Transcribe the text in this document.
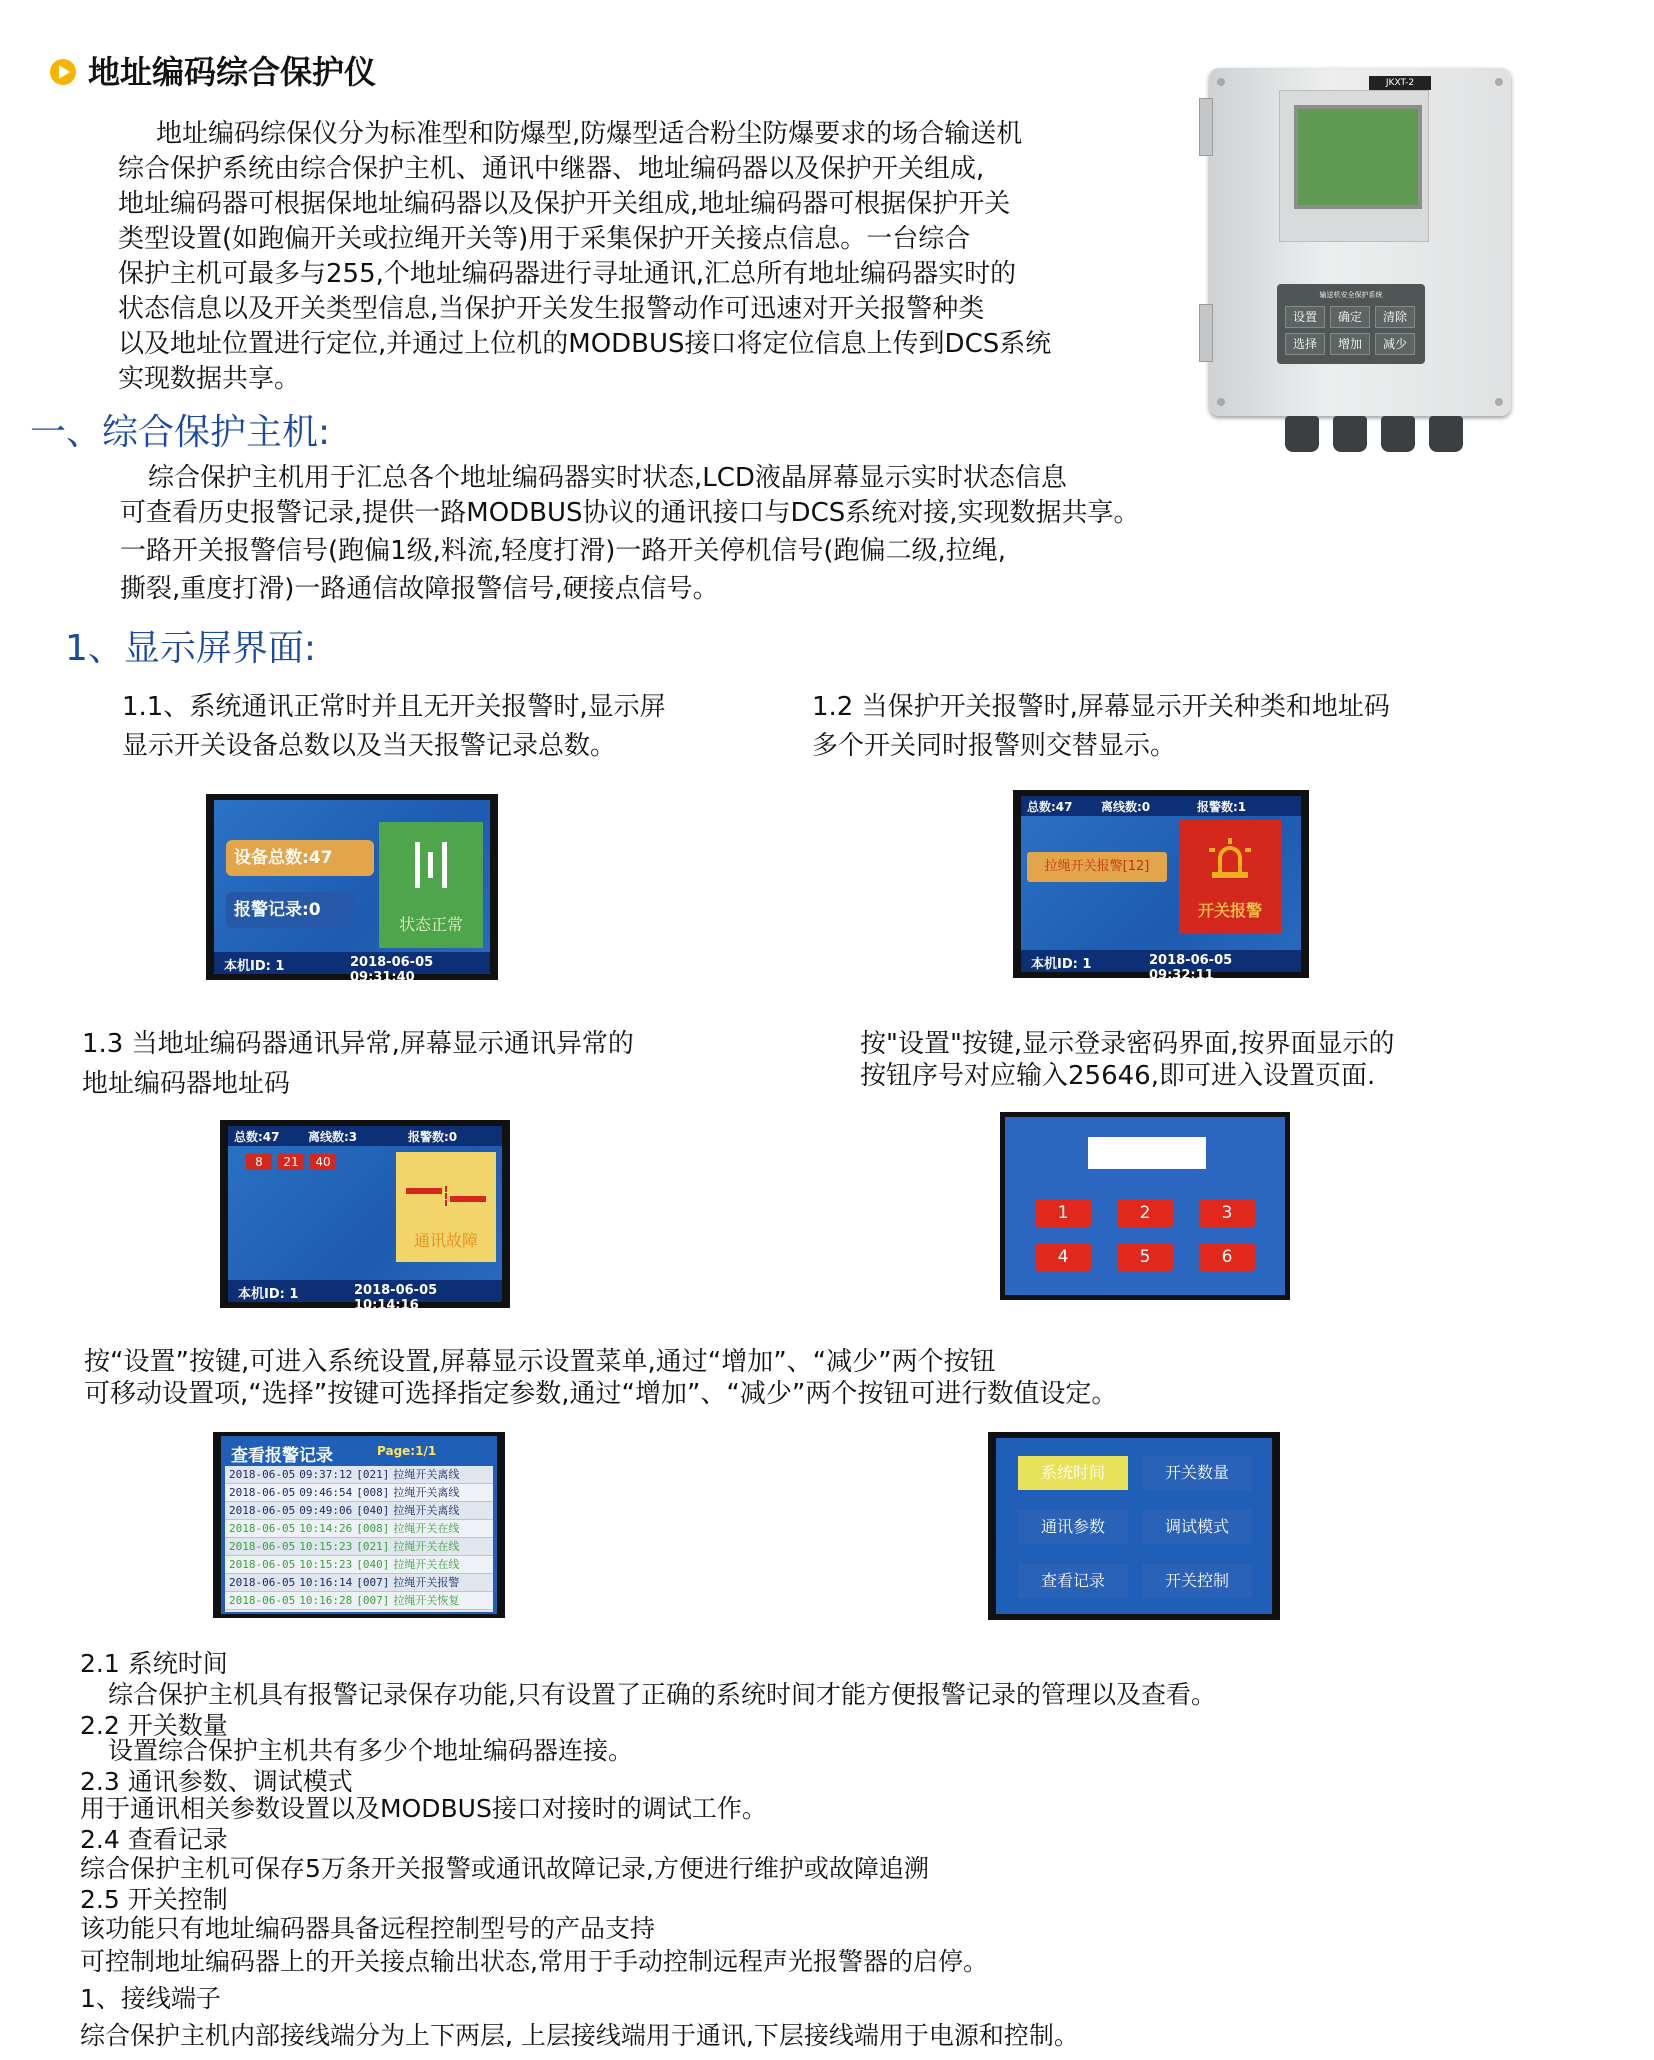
地址编码综合保护仪
地址编码综保仪分为标准型和防爆型,防爆型适合粉尘防爆要求的场合输送机
综合保护系统由综合保护主机、通讯中继器、地址编码器以及保护开关组成,
地址编码器可根据保地址编码器以及保护开关组成,地址编码器可根据保护开关
类型设置(如跑偏开关或拉绳开关等)用于采集保护开关接点信息。一台综合
保护主机可最多与255,个地址编码器进行寻址通讯,汇总所有地址编码器实时的
状态信息以及开关类型信息,当保护开关发生报警动作可迅速对开关报警种类
以及地址位置进行定位,并通过上位机的MODBUS接口将定位信息上传到DCS系统
实现数据共享。
JKXT-2
输送机安全保护系统
设置	确定	清除
选择	增加	减少
一、综合保护主机:
综合保护主机用于汇总各个地址编码器实时状态,LCD液晶屏幕显示实时状态信息
可查看历史报警记录,提供一路MODBUS协议的通讯接口与DCS系统对接,实现数据共享。
一路开关报警信号(跑偏1级,料流,轻度打滑)一路开关停机信号(跑偏二级,拉绳,
撕裂,重度打滑)一路通信故障报警信号,硬接点信号。
1、显示屏界面:
1.1、系统通讯正常时并且无开关报警时,显示屏
显示开关设备总数以及当天报警记录总数。
1.2 当保护开关报警时,屏幕显示开关种类和地址码
多个开关同时报警则交替显示。
设备总数:47
报警记录:0
状态正常
本机ID: 1	2018-06-05 09:31:40
总数:47 离线数:0	报警数:1
拉绳开关报警[12]
开关报警
本机ID: 1	2018-06-05 09:32:11
1.3 当地址编码器通讯异常,屏幕显示通讯异常的
地址编码器地址码
按"设置"按键,显示登录密码界面,按界面显示的
按钮序号对应输入25646,即可进入设置页面.
总数:47 离线数:3	报警数:0
8	21	40
通讯故障
本机ID: 1	2018-06-05 10:14:16
1	2	3
4	5	6
按“设置”按键,可进入系统设置,屏幕显示设置菜单,通过“增加”、“减少”两个按钮
可移动设置项,“选择”按键可选择指定参数,通过“增加”、“减少”两个按钮可进行数值设定。
查看报警记录	Page:1/1
2018-06-05 09:37:12 [021] 拉绳开关离线
2018-06-05 09:46:54 [008] 拉绳开关离线
2018-06-05 09:49:06 [040] 拉绳开关离线
2018-06-05 10:14:26 [008] 拉绳开关在线
2018-06-05 10:15:23 [021] 拉绳开关在线
2018-06-05 10:15:23 [040] 拉绳开关在线
2018-06-05 10:16:14 [007] 拉绳开关报警
2018-06-05 10:16:28 [007] 拉绳开关恢复
系统时间	开关数量
通讯参数	调试模式
查看记录	开关控制
2.1 系统时间
综合保护主机具有报警记录保存功能,只有设置了正确的系统时间才能方便报警记录的管理以及查看。
2.2 开关数量
设置综合保护主机共有多少个地址编码器连接。
2.3 通讯参数、调试模式
用于通讯相关参数设置以及MODBUS接口对接时的调试工作。
2.4 查看记录
综合保护主机可保存5万条开关报警或通讯故障记录,方便进行维护或故障追溯
2.5 开关控制
该功能只有地址编码器具备远程控制型号的产品支持
可控制地址编码器上的开关接点输出状态,常用于手动控制远程声光报警器的启停。
1、接线端子
综合保护主机内部接线端分为上下两层, 上层接线端用于通讯,下层接线端用于电源和控制。
